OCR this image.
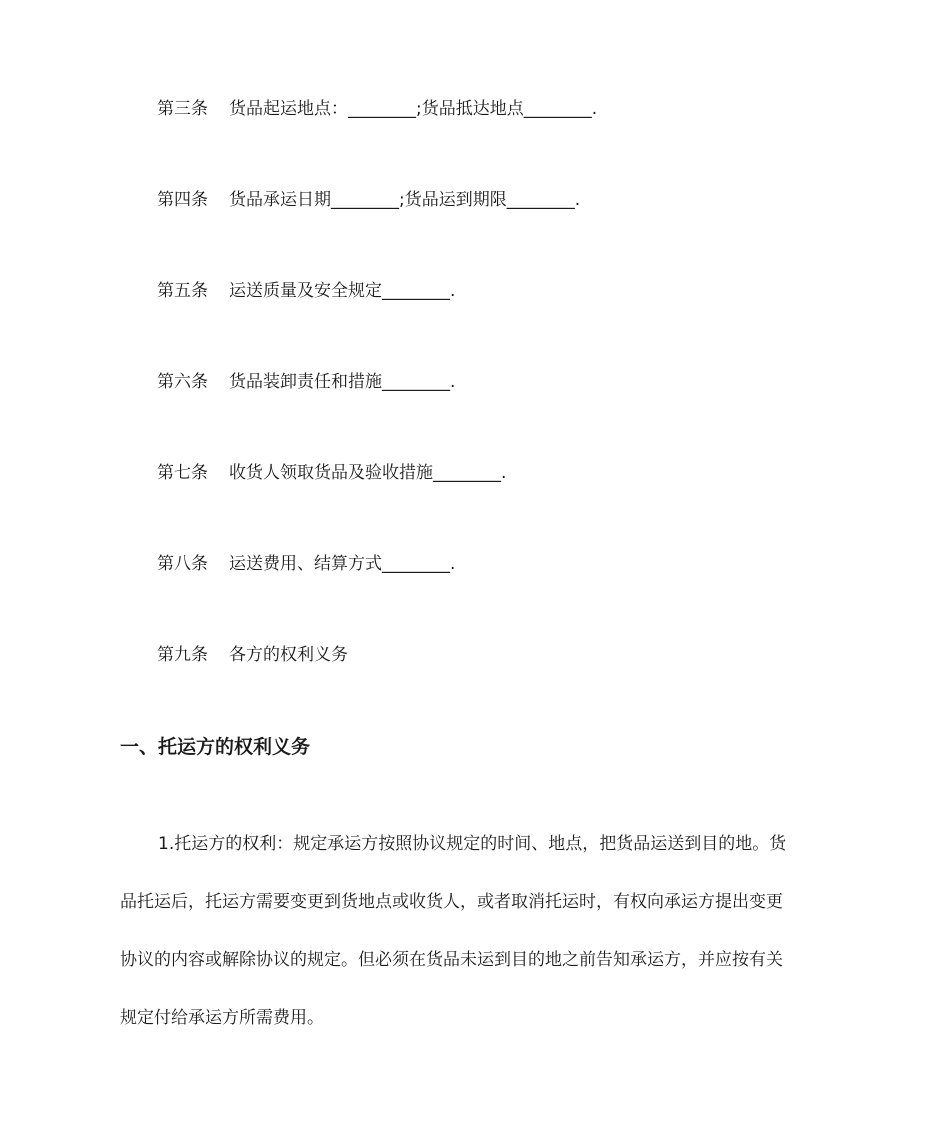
第三条 货品起运地点：________;货品抵达地点________.
第四条 货品承运日期________;货品运到期限________.
第五条 运送质量及安全规定________.
第六条 货品装卸责任和措施________.
第七条 收货人领取货品及验收措施________.
第八条 运送费用、结算方式________.
第九条 各方的权利义务
一、托运方的权利义务
1.托运方的权利：规定承运方按照协议规定的时间、地点，把货品运送到目的地。货
品托运后，托运方需要变更到货地点或收货人，或者取消托运时，有权向承运方提出变更
协议的内容或解除协议的规定。但必须在货品未运到目的地之前告知承运方，并应按有关
规定付给承运方所需费用。
